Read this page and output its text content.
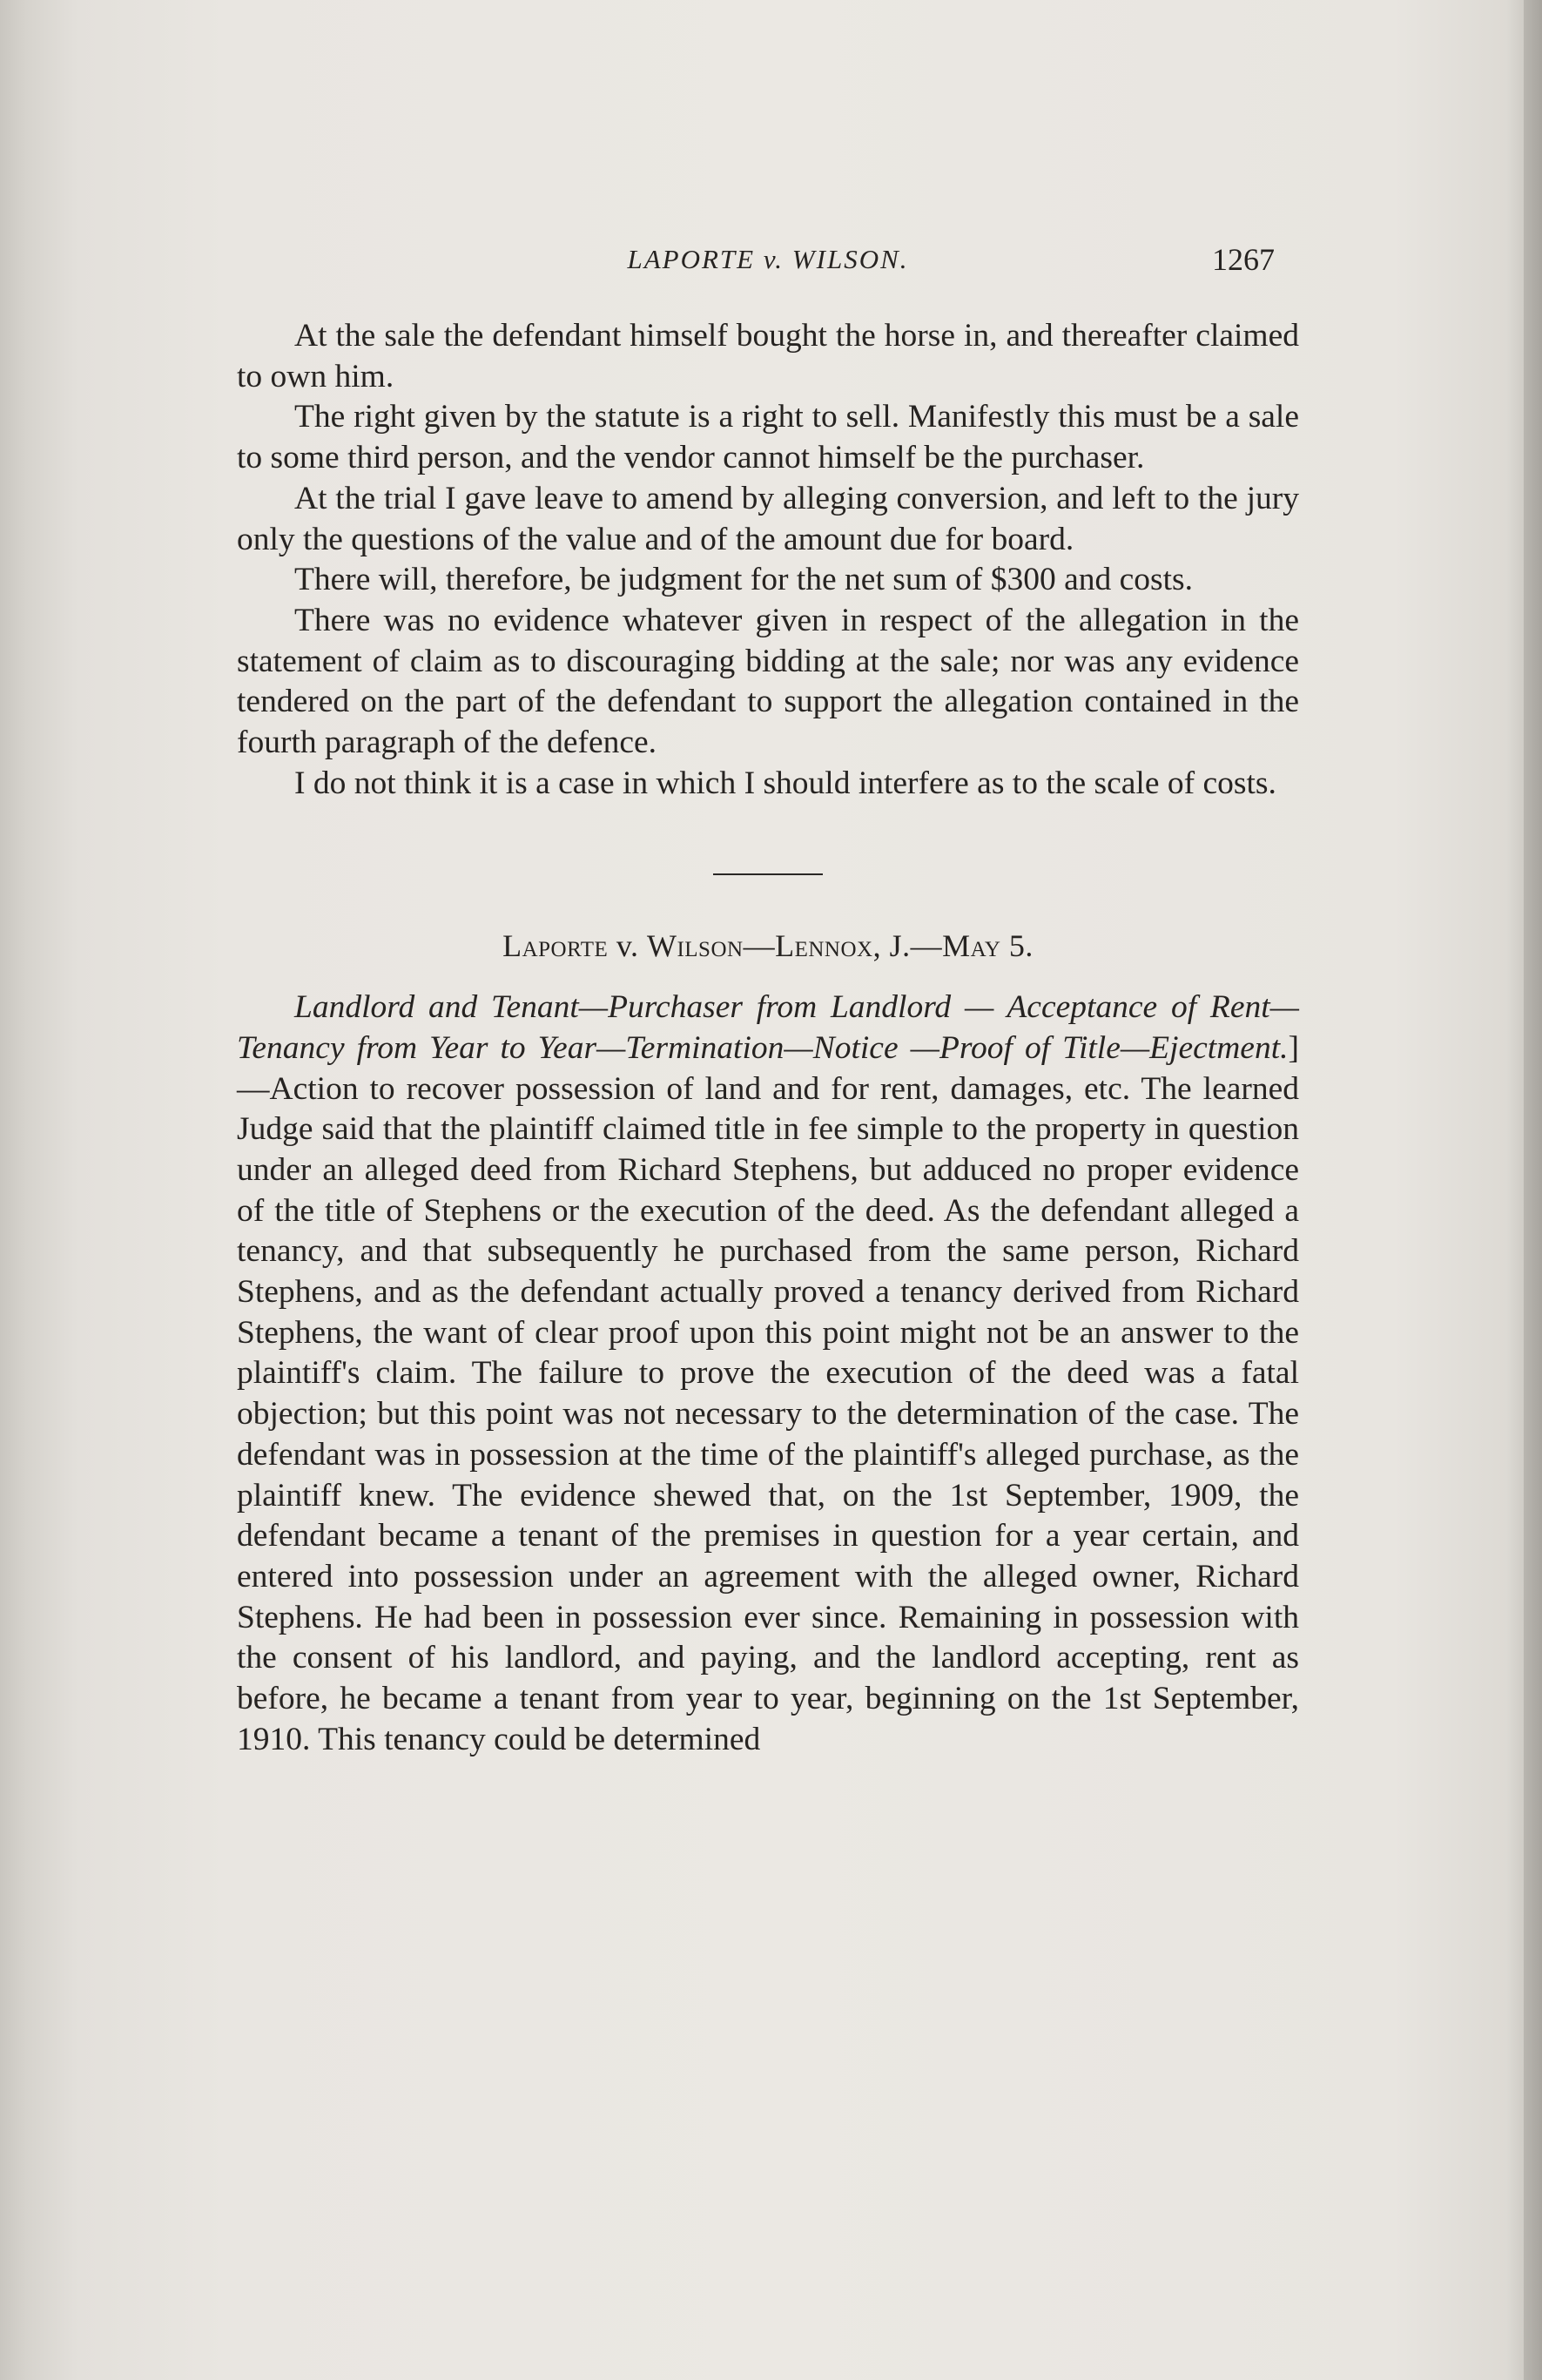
LAPORTE v. WILSON.	1267

At the sale the defendant himself bought the horse in, and thereafter claimed to own him.

The right given by the statute is a right to sell. Manifestly this must be a sale to some third person, and the vendor cannot himself be the purchaser.

At the trial I gave leave to amend by alleging conversion, and left to the jury only the questions of the value and of the amount due for board.

There will, therefore, be judgment for the net sum of $300 and costs.

There was no evidence whatever given in respect of the allegation in the statement of claim as to discouraging bidding at the sale; nor was any evidence tendered on the part of the defendant to support the allegation contained in the fourth paragraph of the defence.

I do not think it is a case in which I should interfere as to the scale of costs.

Laporte v. Wilson—Lennox, J.—May 5.

Landlord and Tenant—Purchaser from Landlord — Acceptance of Rent—Tenancy from Year to Year—Termination—Notice —Proof of Title—Ejectment.]—Action to recover possession of land and for rent, damages, etc. The learned Judge said that the plaintiff claimed title in fee simple to the property in question under an alleged deed from Richard Stephens, but adduced no proper evidence of the title of Stephens or the execution of the deed. As the defendant alleged a tenancy, and that subsequently he purchased from the same person, Richard Stephens, and as the defendant actually proved a tenancy derived from Richard Stephens, the want of clear proof upon this point might not be an answer to the plaintiff's claim. The failure to prove the execution of the deed was a fatal objection; but this point was not necessary to the determination of the case. The defendant was in possession at the time of the plaintiff's alleged purchase, as the plaintiff knew. The evidence shewed that, on the 1st September, 1909, the defendant became a tenant of the premises in question for a year certain, and entered into possession under an agreement with the alleged owner, Richard Stephens. He had been in possession ever since. Remaining in possession with the consent of his landlord, and paying, and the landlord accepting, rent as before, he became a tenant from year to year, beginning on the 1st September, 1910. This tenancy could be determined
